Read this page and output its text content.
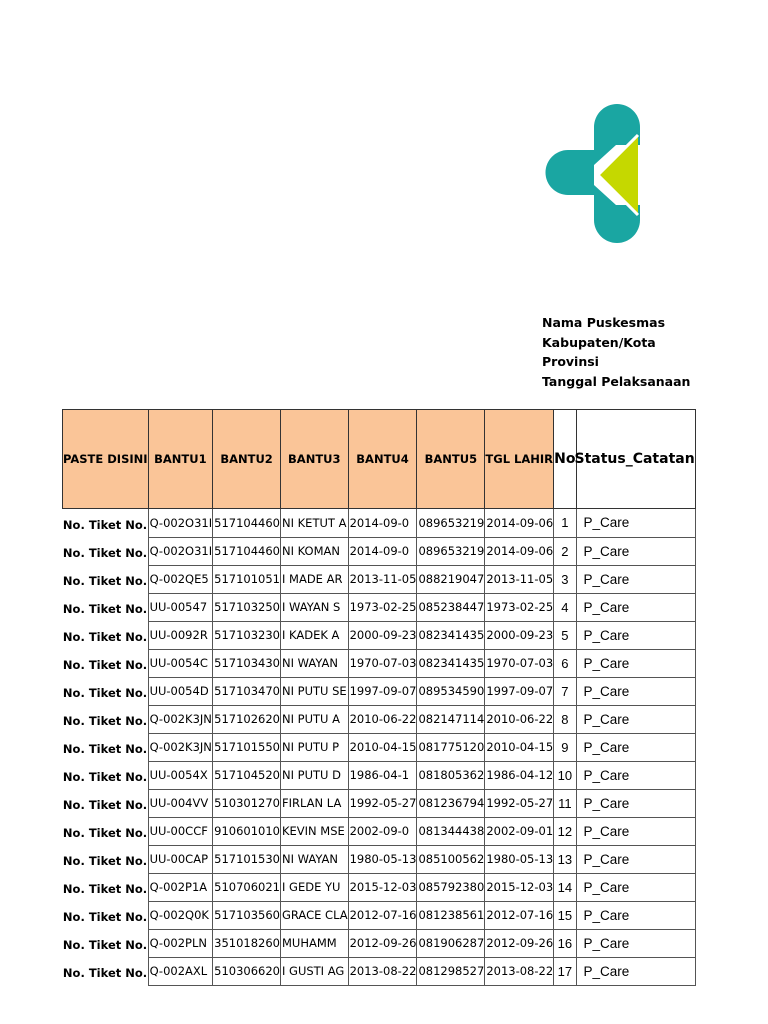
Nama Puskesmas
Kabupaten/Kota
Provinsi
Tanggal Pelaksanaan
PASTE DISINI	BANTU1	BANTU2	BANTU3	BANTU4	BANTU5	TGL LAHIR	No	Status_Catatan
No. Tiket No.	Q-002O31I	517104460	NI KETUT A	2014-09-0	089653219	2014-09-06	1	P_Care
No. Tiket No.	Q-002O31I	517104460	NI KOMAN	2014-09-0	089653219	2014-09-06	2	P_Care
No. Tiket No.	Q-002QE5	517101051	I MADE AR	2013-11-05	088219047	2013-11-05	3	P_Care
No. Tiket No.	UU-00547	517103250	I WAYAN S	1973-02-25	085238447	1973-02-25	4	P_Care
No. Tiket No.	UU-0092R	517103230	I KADEK A	2000-09-23	082341435	2000-09-23	5	P_Care
No. Tiket No.	UU-0054C	517103430	NI WAYAN	1970-07-03	082341435	1970-07-03	6	P_Care
No. Tiket No.	UU-0054D	517103470	NI PUTU SE	1997-09-07	089534590	1997-09-07	7	P_Care
No. Tiket No.	Q-002K3JN	517102620	NI PUTU A	2010-06-22	082147114	2010-06-22	8	P_Care
No. Tiket No.	Q-002K3JN	517101550	NI PUTU P	2010-04-15	081775120	2010-04-15	9	P_Care
No. Tiket No.	UU-0054X	517104520	NI PUTU D	1986-04-1	081805362	1986-04-12	10	P_Care
No. Tiket No.	UU-004VV	510301270	FIRLAN LA	1992-05-27	081236794	1992-05-27	11	P_Care
No. Tiket No.	UU-00CCF	910601010	KEVIN MSE	2002-09-0	081344438	2002-09-01	12	P_Care
No. Tiket No.	UU-00CAP	517101530	NI WAYAN	1980-05-13	085100562	1980-05-13	13	P_Care
No. Tiket No.	Q-002P1A	510706021	I GEDE YU	2015-12-03	085792380	2015-12-03	14	P_Care
No. Tiket No.	Q-002Q0K	517103560	GRACE CLA	2012-07-16	081238561	2012-07-16	15	P_Care
No. Tiket No.	Q-002PLN	351018260	MUHAMM	2012-09-26	081906287	2012-09-26	16	P_Care
No. Tiket No.	Q-002AXL	510306620	I GUSTI AG	2013-08-22	081298527	2013-08-22	17	P_Care
